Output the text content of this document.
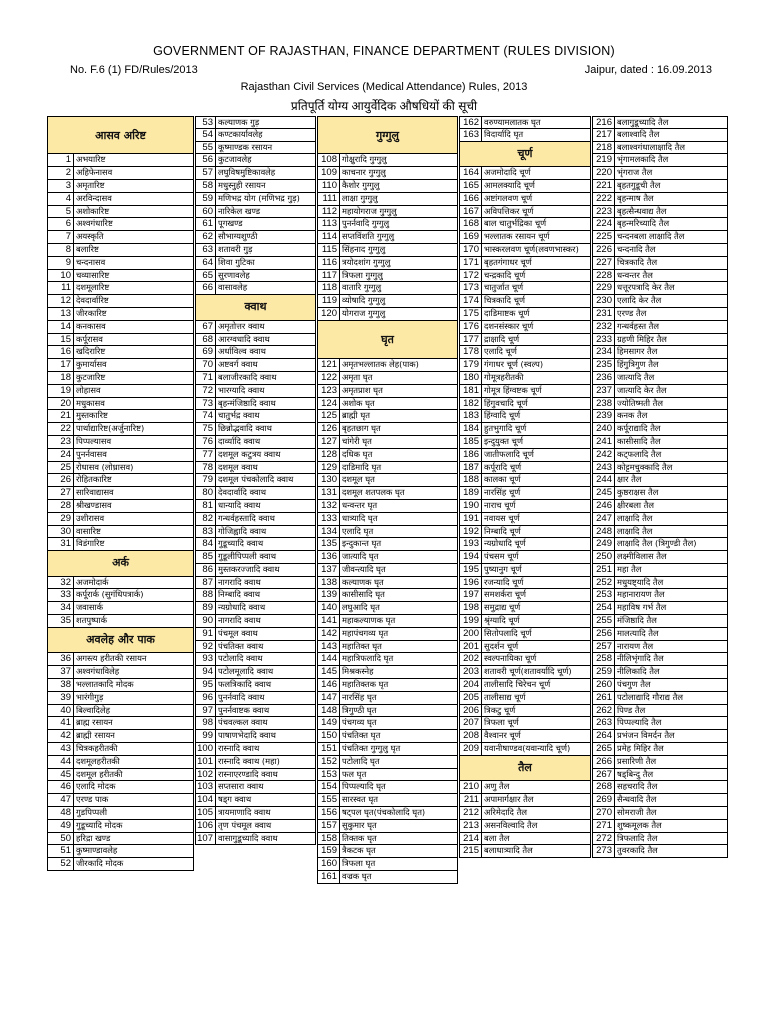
GOVERNMENT OF RAJASTHAN, FINANCE DEPARTMENT (RULES DIVISION)
No. F.6 (1) FD/Rules/2013	Jaipur, dated : 16.09.2013
Rajasthan Civil Services (Medical Attendance) Rules, 2013
प्रतिपूर्ति योग्य आयुर्वेदिक औषधियों की सूची
आसव अरिष्ट
1 अभयारिष्ट
2 अहिफेनासव
3 अमृतारिष्ट
4 अरविन्दासव
5 अशोकारिष्ट
6 अश्वगंधारिष्ट
7 अयस्कृति
8 बलारिष्ट
9 चन्दनासव
10 चव्यासारिष्ट
11 दशमूलारिष्ट
12 देवदार्वारिष्ट
13 जीरकारिष्ट
14 कनकासव
15 कर्पूरासव
16 खदिरारिष्ट
17 कुमार्यासव
18 कुटजारिष्ट
19 लोहासव
20 मधुकासव
21 मुस्तकारिष्ट
22 पार्थाद्यारिष्ट(अर्जुनारिष्ट)
23 पिप्पल्यासव
24 पुनर्नवासव
25 रोधासव (लोध्रासव)
26 रोहितकारिष्ट
27 सारिवाद्यासव
28 श्रीखण्डासव
29 उशीरासव
30 वासारिष्ट
31 विडंगारिष्ट
अर्क
32 अजमोदार्क
33 कर्पूरार्क (सुगंधिपत्रार्क)
34 जवासार्क
35 शतपुष्पार्क
अवलेह और पाक
36 अगस्त्य हरीतकी रसायन
37 अश्वगंधाविलेह
38 भल्लातकादि मोदक
39 भारंगीगुड़
40 बिल्वादिलेह
41 ब्राह्म रसायन
42 ब्राह्मी रसायन
43 चित्रकहरीतकी
44 दशमूलहरीतकी
45 दशमूल हरीतकी
46 एलादि मोदक
47 एरण्ड पाक
48 गुडपिप्पली
49 गुडूच्यादि मोदक
50 हरिद्रा खण्ड
51 कुष्माण्डावलेह
52 जीरकादि मोदक
53 कल्याणक गुड़
54 कण्टकार्यावलेह
55 कूष्माण्डक रसायन
56 कुटजावलेह
57 लघुविषमुष्टिकावलेह
58 मधुस्नुही रसायन
59 मणिभद्र योग (मणिभद्र गुड़)
60 नारिकेल खण्ड
61 पूगखण्ड
62 सौभाग्यशुण्ठी
63 शतावरी गुड़
64 शिवा गुटिका
65 सुरणावलेह
66 वासावलेह
क्वाथ
67 अमृतोत्तर क्वाथ
68 आरग्वधादि क्वाथ
69 अर्धाविल्व क्वाथ
70 अष्टवर्ग क्वाथ
71 बलाजीरकादि क्वाथ
72 भारग्यादि क्वाथ
73 बृहन्मंजिष्ठादि क्वाथ
74 चातुर्भद्र क्वाथ
75 छिन्नोद्भवादि क्वाथ
76 दार्व्यादि क्वाथ
77 दशमूल कटुत्रय क्वाथ
78 दशमूल क्वाथ
79 दशमूल पंचकोलादि क्वाथ
80 देवदार्वादि क्वाथ
81 धान्यादि क्वाथ
82 गन्धर्वहस्तादि क्वाथ
83 गोजिह्वादि क्वाथ
84 गुडूच्यादि क्वाथ
85 गुडूलीपिप्पली क्वाथ
86 मुस्तकरज्जादि क्वाथ
87 नागरादि क्वाथ
88 निम्बादि क्वाथ
89 न्यग्रोधादि क्वाथ
90 नागरादि क्वाथ
91 पंचमूल क्वाथ
92 पंचतिक्त क्वाथ
93 पटोलादि क्वाथ
94 पटोलमूलादि क्वाथ
95 फलत्रिकादि क्वाथ
96 पुनर्नवादि क्वाथ
97 पुनर्नवाष्टक क्वाथ
98 पंचवल्कल क्वाथ
99 पाषाणभेदादि क्वाथ
100 रास्नादि क्वाथ
101 रास्नादि क्वाथ (महा)
102 रास्नाएरण्डादि क्वाथ
103 सप्तसारा क्वाथ
104 षड्ग क्वाथ
105 त्रायमाणादि क्वाथ
106 तृण पंचमूल क्वाथ
107 वासागुडूच्यादि क्वाथ
गुग्गुलु
108 गोक्षुरादि गुग्गुलु
109 काचनार गुग्गुलु
110 कैशोर गुग्गुलु
111 लाक्षा गुग्गुलु
112 महायोगराज गुग्गुलु
113 पुनर्नवादि गुग्गुलु
114 सप्तविंशति गुग्गुलु
115 सिंहनाद गुग्गुलु
116 त्रयोदशांग गुग्गुलु
117 त्रिफला गुग्गुलु
118 वातारि गुग्गुलु
119 व्योषादि गुग्गुलु
120 योगराज गुग्गुलु
घृत
121 अमृतभल्लातक लेह(पाक)
122 अमृता घृत
123 अमृतप्राश घृत
124 अशोक घृत
125 ब्राह्मी घृत
126 बृहतछाग घृत
127 चांगेरी घृत
128 दधिक घृत
129 दाडिमादि घृत
130 दशमूल घृत
131 दशमूल शतपलक घृत
132 धन्वन्तर घृत
133 धात्र्यादि घृत
134 एलादि घृत
135 इन्दुकान्त घृत
136 जात्यादि घृत
137 जीवन्त्यादि घृत
138 कल्याणक घृत
139 कासीसादि घृत
140 लघुआदि घृत
141 महाकल्याणक घृत
142 महापंचगव्य घृत
143 महातिक्त घृत
144 महात्रिफलादि घृत
145 मिश्रकस्नेह
146 महातिक्तक घृत
147 नारसिंह घृत
148 त्रिगुण्ठी घृत
149 पंचगव्य घृत
150 पंचतिक्त घृत
151 पंचतिक्त गुग्गुलु घृत
152 पटोलादि घृत
153 फल घृत
154 पिप्पल्यादि घृत
155 सारस्वत घृत
156 षट्पल घृत(पंचकोलादि घृत)
157 सुकुमार घृत
158 तिक्तक घृत
159 त्रैकटक घृत
160 त्रिफला घृत
161 वज्रक घृत
162 वरुण्यामलातक घृत
163 विदार्यादि घृत
चूर्ण
164 अजमोदादि चूर्ण
165 आमलक्यादि चूर्ण
166 अष्टांगलवण चूर्ण
167 अविपत्तिकर चूर्ण
168 बाल चातुर्भद्रिका चूर्ण
169 भल्लातक रसायन चूर्ण
170 भास्करलवण चूर्ण(लवणभास्कर)
171 बृहतगंगाधर चूर्ण
172 चन्द्रकादि चूर्ण
173 चातुर्जात चूर्ण
174 चित्रकादि चूर्ण
175 दाडिमाष्टक चूर्ण
176 दशनसंस्कार चूर्ण
177 द्राक्षादि चूर्ण
178 एलादि चूर्ण
179 गंगाधर चूर्ण (स्वल्प)
180 गोमूत्रहरीतकी
181 गोमूत्र हिंग्वष्टक चूर्ण
182 हिंगुवचादि चूर्ण
183 हिंग्वादि चूर्ण
184 हुतभुगादि चूर्ण
185 इन्दुयुक्त चूर्ण
186 जातीफलादि चूर्ण
187 कर्पूरादि चूर्ण
188 कालका चूर्ण
189 नारसिंह चूर्ण
190 नाराच चूर्ण
191 नवायस चूर्ण
192 निम्बादि चूर्ण
193 न्यग्रोधादि चूर्ण
194 पंचसम चूर्ण
195 पुष्यानुग चूर्ण
196 रजन्यादि चूर्ण
197 समशर्करा चूर्ण
198 समुद्राद्य चूर्ण
199 श्रृंग्यादि चूर्ण
200 सितोपलादि चूर्ण
201 सुदर्शन चूर्ण
202 स्वल्पनायिका चूर्ण
203 शतावरी चूर्ण(शतावर्यादि चूर्ण)
204 तालीसादि चिरेचन चूर्ण
205 तालीसाद्य चूर्ण
206 त्रिकटु चूर्ण
207 त्रिफला चूर्ण
208 वैश्वानर चूर्ण
209 यवानीषाण्डव(यवान्यादि चूर्ण)
तैल
210 अणु तैल
211 अपामार्गक्षार तैल
212 अरिमेदादि तैल
213 असनविल्वादि तैल
214 बला तैल
215 बलाधात्र्यादि तैल
216 बलागुडूच्यादि तैल
217 बलाश्वादि तैल
218 बलाश्वगंधालाक्षादि तैल
219 भृंगामलकादि तैल
220 भृंगराज तैल
221 बृहतगुडूची तैल
222 बृहन्माष तैल
223 बृहत्सैन्धवाद्य तैल
224 बृहन्मरिच्यादि तैल
225 चन्दनबला लाक्षादि तैल
226 चन्दनादि तैल
227 चित्रकादि तैल
228 धन्वन्तर तैल
229 धत्तूरपत्रादि केर तैल
230 एलादि केर तैल
231 एरण्ड तैल
232 गन्धर्वहस्त तैल
233 ग्रहणी मिहिर तैल
234 हिमसागर तैल
235 हिंगुत्रिगुण तैल
236 जात्यादि तैल
237 जात्यादि केर तैल
238 ज्योतिष्मती तैल
239 कनक तैल
240 कर्पूराद्यादि तैल
241 कासीसादि तैल
242 कट्फलादि तैल
243 कोट्टमचुक्कादि तैल
244 क्षार तैल
245 कुष्ठराक्षस तैल
246 क्षीरबला तैल
247 लाक्षादि तैल
248 लाक्षादि तैल
249 लाक्षादि तैल (त्रिगुण्डी तैल)
250 लक्ष्मीविलास तैल
251 महा तैल
252 मधुयष्ट्यादि तैल
253 महानारायण तैल
254 महाविष गर्भ तैल
255 मंजिष्ठादि तैल
256 मालत्यादि तैल
257 नारायण तैल
258 नीलिभृंगादि तैल
259 नीलिकादि तैल
260 पंचगुण तैल
261 पटोलाद्यादि गौराद्य तैल
262 पिण्ड तैल
263 पिप्पल्यादि तैल
264 प्रभंजन विमर्दन तैल
265 प्रमेह मिहिर तैल
266 प्रसारिणी तैल
267 षड्बिन्दु तैल
268 सहचरादि तैल
269 सैन्धवादि तैल
270 सोमराजी तैल
271 शुष्कमूलक तैल
272 त्रिफलादि तैल
273 तुवरकादि तैल
